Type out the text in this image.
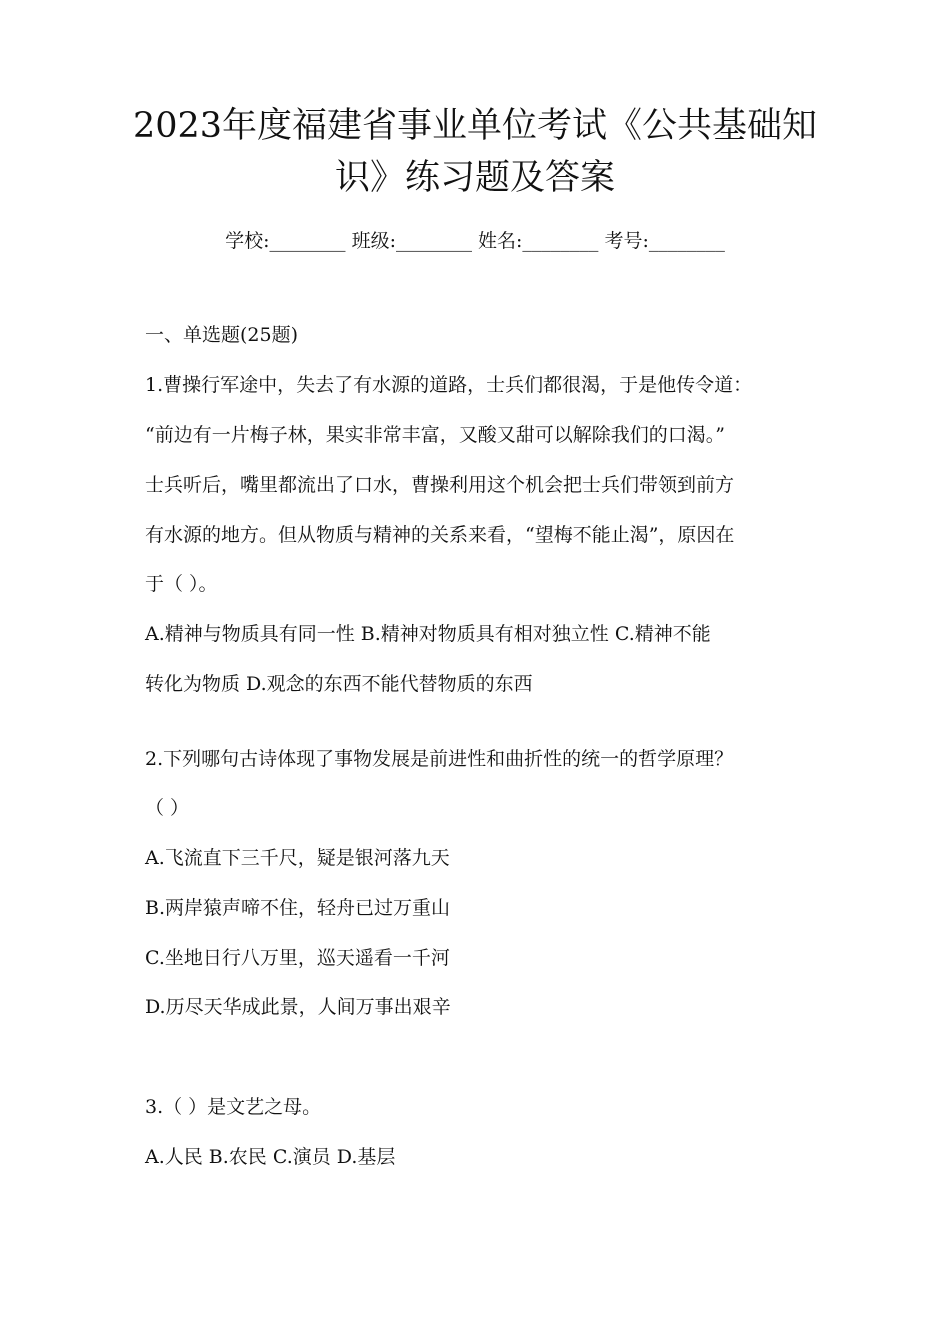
2023年度福建省事业单位考试《公共基础知
识》练习题及答案
学校:________ 班级:________ 姓名:________ 考号:________
一、单选题(25题)
1.曹操行军途中，失去了有水源的道路，士兵们都很渴，于是他传令道：
“前边有一片梅子林，果实非常丰富，又酸又甜可以解除我们的口渴。”
士兵听后，嘴里都流出了口水，曹操利用这个机会把士兵们带领到前方
有水源的地方。但从物质与精神的关系来看，“望梅不能止渴”，原因在
于（ ）。
A.精神与物质具有同一性 B.精神对物质具有相对独立性 C.精神不能
转化为物质 D.观念的东西不能代替物质的东西
2.下列哪句古诗体现了事物发展是前进性和曲折性的统一的哲学原理？
（ ）
A.飞流直下三千尺，疑是银河落九天
B.两岸猿声啼不住，轻舟已过万重山
C.坐地日行八万里，巡天遥看一千河
D.历尽天华成此景，人间万事出艰辛
3.（ ）是文艺之母。
A.人民 B.农民 C.演员 D.基层
